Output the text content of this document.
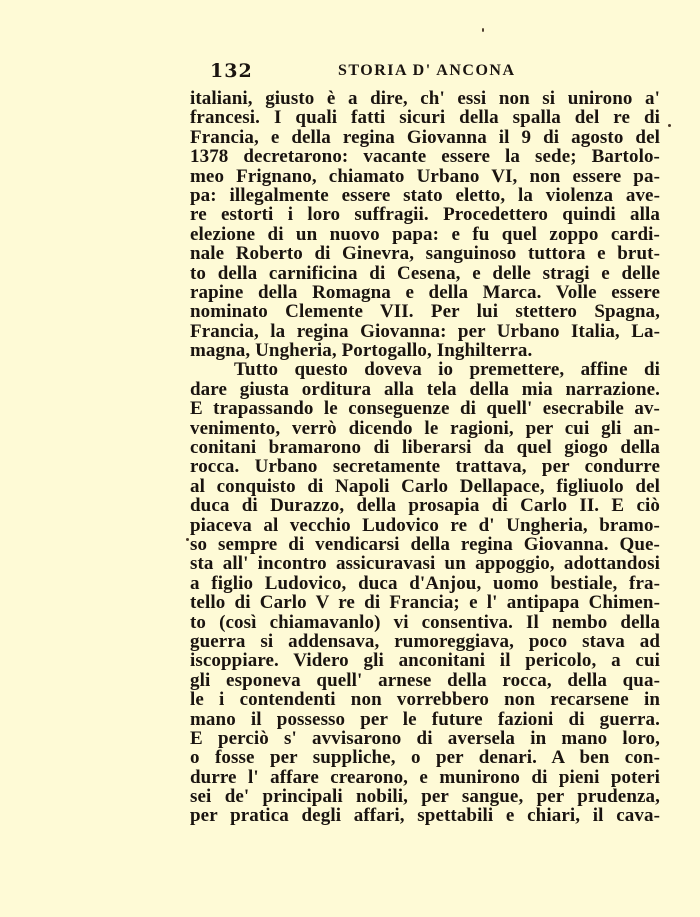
132	STORIA D' ANCONA
italiani, giusto è a dire, ch' essi non si unirono a'
francesi. I quali fatti sicuri della spalla del re di
Francia, e della regina Giovanna il 9 di agosto del
1378 decretarono: vacante essere la sede; Bartolo-
meo Frignano, chiamato Urbano VI, non essere pa-
pa: illegalmente essere stato eletto, la violenza ave-
re estorti i loro suffragii. Procedettero quindi alla
elezione di un nuovo papa: e fu quel zoppo cardi-
nale Roberto di Ginevra, sanguinoso tuttora e brut-
to della carnificina di Cesena, e delle stragi e delle
rapine della Romagna e della Marca. Volle essere
nominato Clemente VII. Per lui stettero Spagna,
Francia, la regina Giovanna: per Urbano Italia, La-
magna, Ungheria, Portogallo, Inghilterra.
Tutto questo doveva io premettere, affine di
dare giusta orditura alla tela della mia narrazione.
E trapassando le conseguenze di quell' esecrabile av-
venimento, verrò dicendo le ragioni, per cui gli an-
conitani bramarono di liberarsi da quel giogo della
rocca. Urbano secretamente trattava, per condurre
al conquisto di Napoli Carlo Dellapace, figliuolo del
duca di Durazzo, della prosapia di Carlo II. E ciò
piaceva al vecchio Ludovico re d' Ungheria, bramo-
so sempre di vendicarsi della regina Giovanna. Que-
sta all' incontro assicuravasi un appoggio, adottandosi
a figlio Ludovico, duca d'Anjou, uomo bestiale, fra-
tello di Carlo V re di Francia; e l' antipapa Chimen-
to (così chiamavanlo) vi consentiva. Il nembo della
guerra si addensava, rumoreggiava, poco stava ad
iscoppiare. Videro gli anconitani il pericolo, a cui
gli esponeva quell' arnese della rocca, della qua-
le i contendenti non vorrebbero non recarsene in
mano il possesso per le future fazioni di guerra.
E perciò s' avvisarono di aversela in mano loro,
o fosse per suppliche, o per denari. A ben con-
durre l' affare crearono, e munirono di pieni poteri
sei de' principali nobili, per sangue, per prudenza,
per pratica degli affari, spettabili e chiari, il cava-
